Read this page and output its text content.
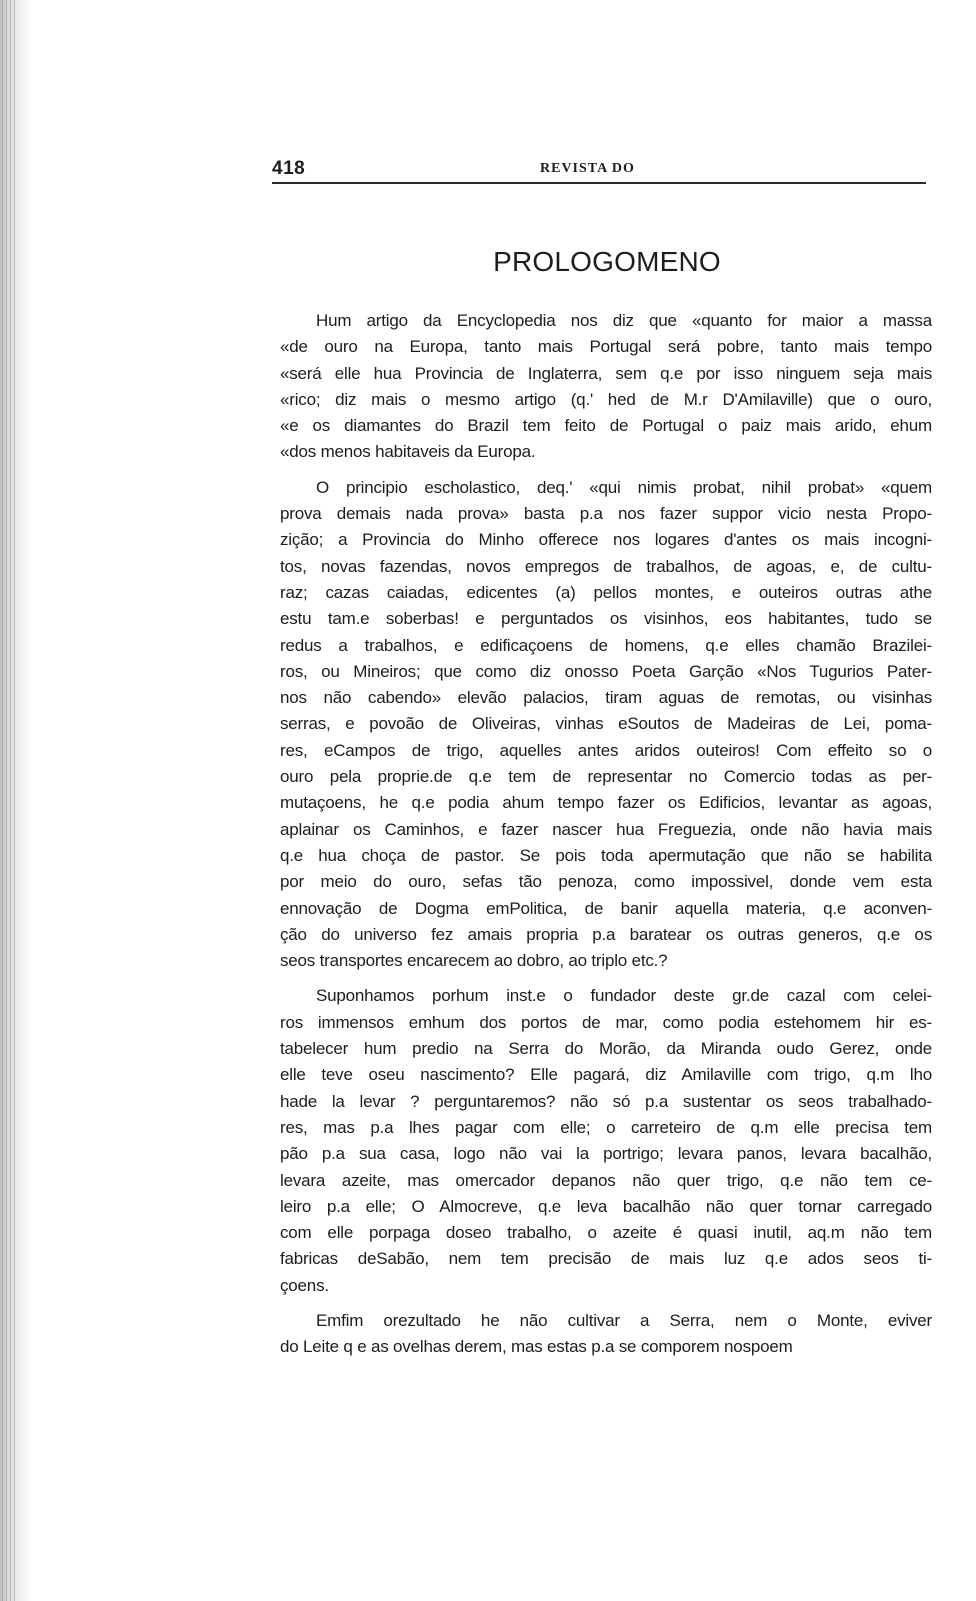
418	REVISTA DO
PROLOGOMENO
Hum artigo da Encyclopedia nos diz que «quanto for maior a massa
«de ouro na Europa, tanto mais Portugal será pobre, tanto mais tempo
«será elle hua Provincia de Inglaterra, sem q.e por isso ninguem seja mais
«rico; diz mais o mesmo artigo (q.' hed de M.r D'Amilaville) que o ouro,
«e os diamantes do Brazil tem feito de Portugal o paiz mais arido, ehum
«dos menos habitaveis da Europa.
O principio escholastico, deq.' «qui nimis probat, nihil probat» «quem
prova demais nada prova» basta p.a nos fazer suppor vicio nesta Propo-
zição; a Provincia do Minho offerece nos logares d'antes os mais incogni-
tos, novas fazendas, novos empregos de trabalhos, de agoas, e, de cultu-
raz; cazas caiadas, edicentes (a) pellos montes, e outeiros outras athe
estu tam.e soberbas! e perguntados os visinhos, eos habitantes, tudo se
redus a trabalhos, e edificaçoens de homens, q.e elles chamão Brazilei-
ros, ou Mineiros; que como diz onosso Poeta Garção «Nos Tugurios Pater-
nos não cabendo» elevão palacios, tiram aguas de remotas, ou visinhas
serras, e povoão de Oliveiras, vinhas eSoutos de Madeiras de Lei, poma-
res, eCampos de trigo, aquelles antes aridos outeiros! Com effeito so o
ouro pela proprie.de q.e tem de representar no Comercio todas as per-
mutaçoens, he q.e podia ahum tempo fazer os Edificios, levantar as agoas,
aplainar os Caminhos, e fazer nascer hua Freguezia, onde não havia mais
q.e hua choça de pastor. Se pois toda apermutação que não se habilita
por meio do ouro, sefas tão penoza, como impossivel, donde vem esta
ennovação de Dogma emPolitica, de banir aquella materia, q.e aconven-
ção do universo fez amais propria p.a baratear os outras generos, q.e os
seos transportes encarecem ao dobro, ao triplo etc.?
Suponhamos porhum inst.e o fundador deste gr.de cazal com celei-
ros immensos emhum dos portos de mar, como podia estehomem hir es-
tabelecer hum predio na Serra do Morão, da Miranda oudo Gerez, onde
elle teve oseu nascimento? Elle pagará, diz Amilaville com trigo, q.m lho
hade la levar ? perguntaremos? não só p.a sustentar os seos trabalhado-
res, mas p.a lhes pagar com elle; o carreteiro de q.m elle precisa tem
pão p.a sua casa, logo não vai la portrigo; levara panos, levara bacalhão,
levara azeite, mas omercador depanos não quer trigo, q.e não tem ce-
leiro p.a elle; O Almocreve, q.e leva bacalhão não quer tornar carregado
com elle porpaga doseo trabalho, o azeite é quasi inutil, aq.m não tem
fabricas deSabão, nem tem precisão de mais luz q.e ados seos ti-
çoens.
Emfim orezultado he não cultivar a Serra, nem o Monte, eviver
do Leite q e as ovelhas derem, mas estas p.a se comporem nospoem
